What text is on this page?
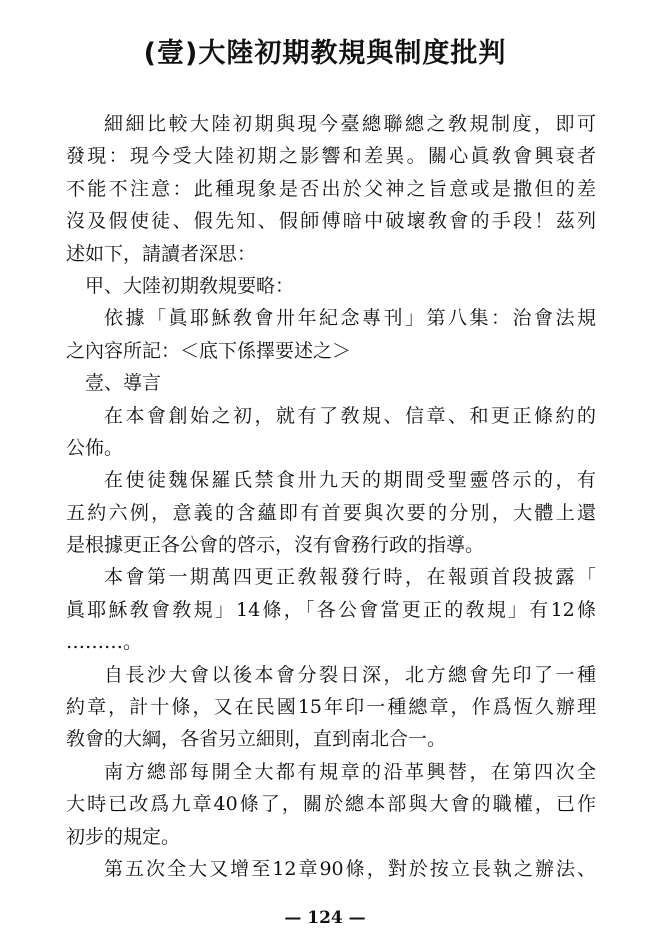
(壹)大陸初期教規與制度批判
細細比較大陸初期與現今臺總聯總之敎規制度，即可
發現：現今受大陸初期之影響和差異。關心眞敎會興衰者
不能不注意：此種現象是否出於父神之旨意或是撒但的差
沒及假使徒、假先知、假師傅暗中破壞敎會的手段！茲列
述如下，請讀者深思：
甲、大陸初期敎規要略：
依據「眞耶穌敎會卅年紀念專刊」第八集：治會法規
之內容所記：＜底下係擇要述之＞
壹、導言
在本會創始之初，就有了敎規、信章、和更正條約的
公佈。
在使徒魏保羅氏禁食卅九天的期間受聖靈啓示的，有
五約六例，意義的含蘊即有首要與次要的分別，大體上還
是根據更正各公會的啓示，沒有會務行政的指導。
本會第一期萬四更正敎報發行時，在報頭首段披露「
眞耶穌敎會敎規」14條，「各公會當更正的敎規」有12條
………。
自長沙大會以後本會分裂日深，北方總會先印了一種
約章，計十條，又在民國15年印一種總章，作爲恆久辦理
敎會的大綱，各省另立細則，直到南北合一。
南方總部每開全大都有規章的沿革興替，在第四次全
大時已改爲九章40條了，關於總本部與大會的職權，已作
初步的規定。
第五次全大又增至12章90條，對於按立長執之辦法、
— 124 —
